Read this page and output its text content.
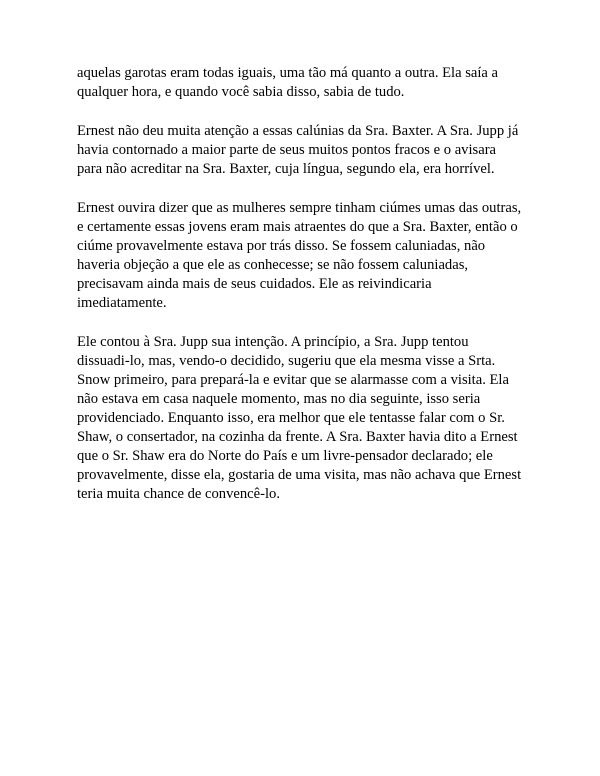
aquelas garotas eram todas iguais, uma tão má quanto a outra. Ela saía a
qualquer hora, e quando você sabia disso, sabia de tudo.

Ernest não deu muita atenção a essas calúnias da Sra. Baxter. A Sra. Jupp já
havia contornado a maior parte de seus muitos pontos fracos e o avisara
para não acreditar na Sra. Baxter, cuja língua, segundo ela, era horrível.

Ernest ouvira dizer que as mulheres sempre tinham ciúmes umas das outras,
e certamente essas jovens eram mais atraentes do que a Sra. Baxter, então o
ciúme provavelmente estava por trás disso. Se fossem caluniadas, não
haveria objeção a que ele as conhecesse; se não fossem caluniadas,
precisavam ainda mais de seus cuidados. Ele as reivindicaria
imediatamente.

Ele contou à Sra. Jupp sua intenção. A princípio, a Sra. Jupp tentou
dissuadi-lo, mas, vendo-o decidido, sugeriu que ela mesma visse a Srta.
Snow primeiro, para prepará-la e evitar que se alarmasse com a visita. Ela
não estava em casa naquele momento, mas no dia seguinte, isso seria
providenciado. Enquanto isso, era melhor que ele tentasse falar com o Sr.
Shaw, o consertador, na cozinha da frente. A Sra. Baxter havia dito a Ernest
que o Sr. Shaw era do Norte do País e um livre-pensador declarado; ele
provavelmente, disse ela, gostaria de uma visita, mas não achava que Ernest
teria muita chance de convencê-lo.
